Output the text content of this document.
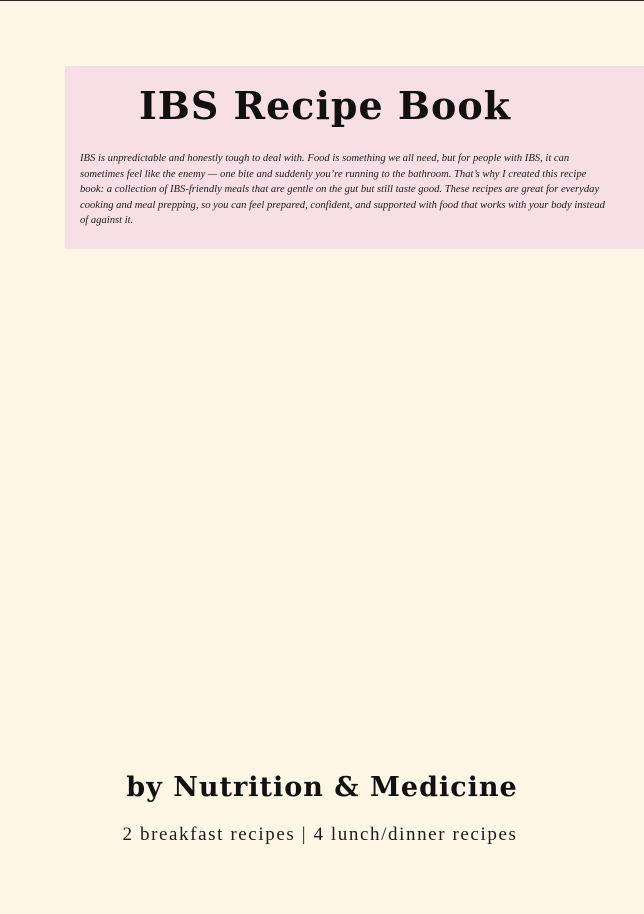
IBS Recipe Book

IBS is unpredictable and honestly tough to deal with. Food is something we all need, but for people with IBS, it can sometimes feel like the enemy — one bite and suddenly you’re running to the bathroom. That’s why I created this recipe book: a collection of IBS-friendly meals that are gentle on the gut but still taste good. These recipes are great for everyday cooking and meal prepping, so you can feel prepared, confident, and supported with food that works with your body instead of against it.

by Nutrition & Medicine

2 breakfast recipes | 4 lunch/dinner recipes
